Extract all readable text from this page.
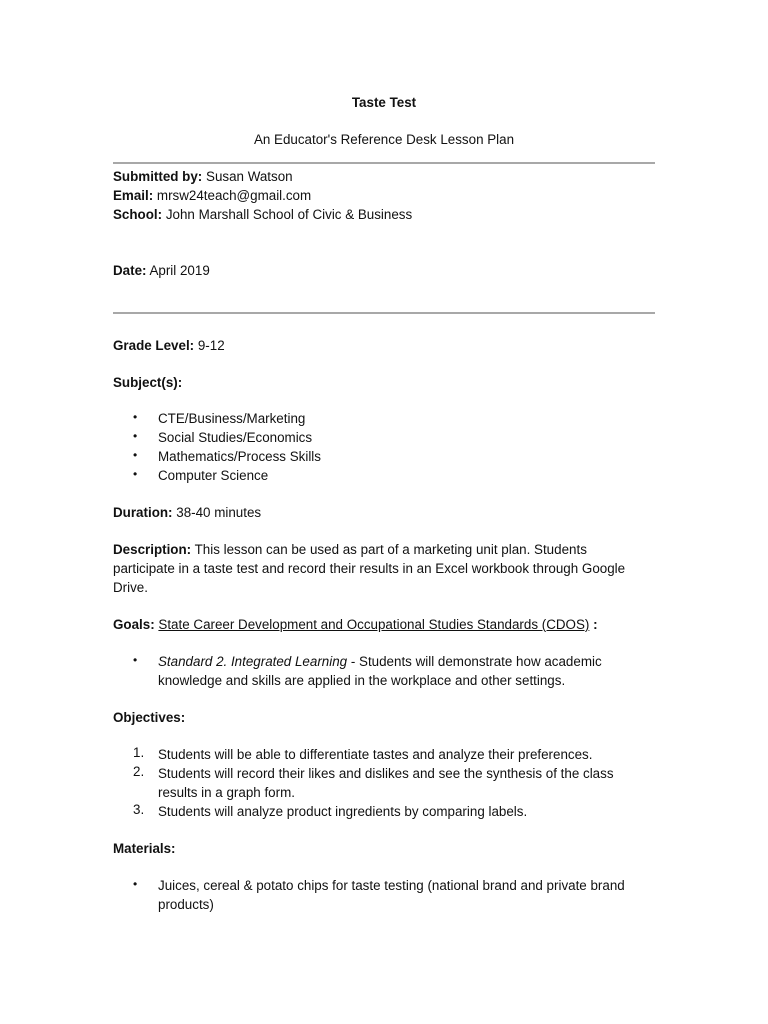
Taste Test
An Educator's Reference Desk Lesson Plan
Submitted by: Susan Watson
Email: mrsw24teach@gmail.com
School: John Marshall School of Civic & Business
Date: April 2019
Grade Level: 9-12
Subject(s):
• CTE/Business/Marketing
• Social Studies/Economics
• Mathematics/Process Skills
• Computer Science
Duration: 38-40 minutes
Description: This lesson can be used as part of a marketing unit plan. Students
participate in a taste test and record their results in an Excel workbook through Google
Drive.
Goals: State Career Development and Occupational Studies Standards (CDOS) :
• Standard 2. Integrated Learning - Students will demonstrate how academic
knowledge and skills are applied in the workplace and other settings.
Objectives:
1. Students will be able to differentiate tastes and analyze their preferences.
2. Students will record their likes and dislikes and see the synthesis of the class
results in a graph form.
3. Students will analyze product ingredients by comparing labels.
Materials:
• Juices, cereal & potato chips for taste testing (national brand and private brand
products)
